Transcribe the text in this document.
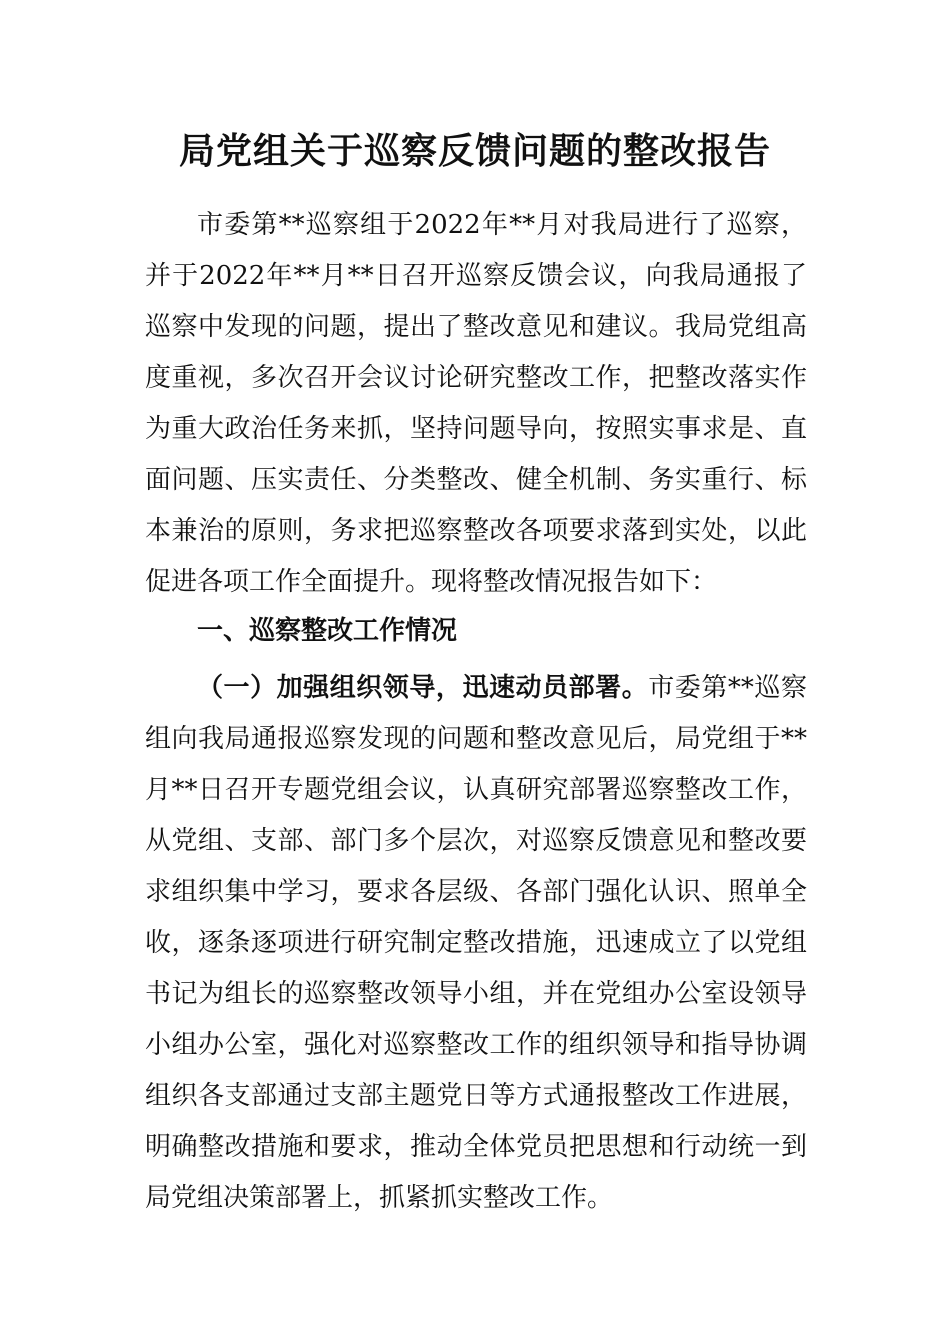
局党组关于巡察反馈问题的整改报告

市委第**巡察组于2022年**月对我局进行了巡察，并于2022年**月**日召开巡察反馈会议，向我局通报了巡察中发现的问题，提出了整改意见和建议。我局党组高度重视，多次召开会议讨论研究整改工作，把整改落实作为重大政治任务来抓，坚持问题导向，按照实事求是、直面问题、压实责任、分类整改、健全机制、务实重行、标本兼治的原则，务求把巡察整改各项要求落到实处，以此促进各项工作全面提升。现将整改情况报告如下：

一、巡察整改工作情况

（一）加强组织领导，迅速动员部署。市委第**巡察组向我局通报巡察发现的问题和整改意见后，局党组于**月**日召开专题党组会议，认真研究部署巡察整改工作，从党组、支部、部门多个层次，对巡察反馈意见和整改要求组织集中学习，要求各层级、各部门强化认识、照单全收，逐条逐项进行研究制定整改措施，迅速成立了以党组书记为组长的巡察整改领导小组，并在党组办公室设领导小组办公室，强化对巡察整改工作的组织领导和指导协调组织各支部通过支部主题党日等方式通报整改工作进展，明确整改措施和要求，推动全体党员把思想和行动统一到局党组决策部署上，抓紧抓实整改工作。
